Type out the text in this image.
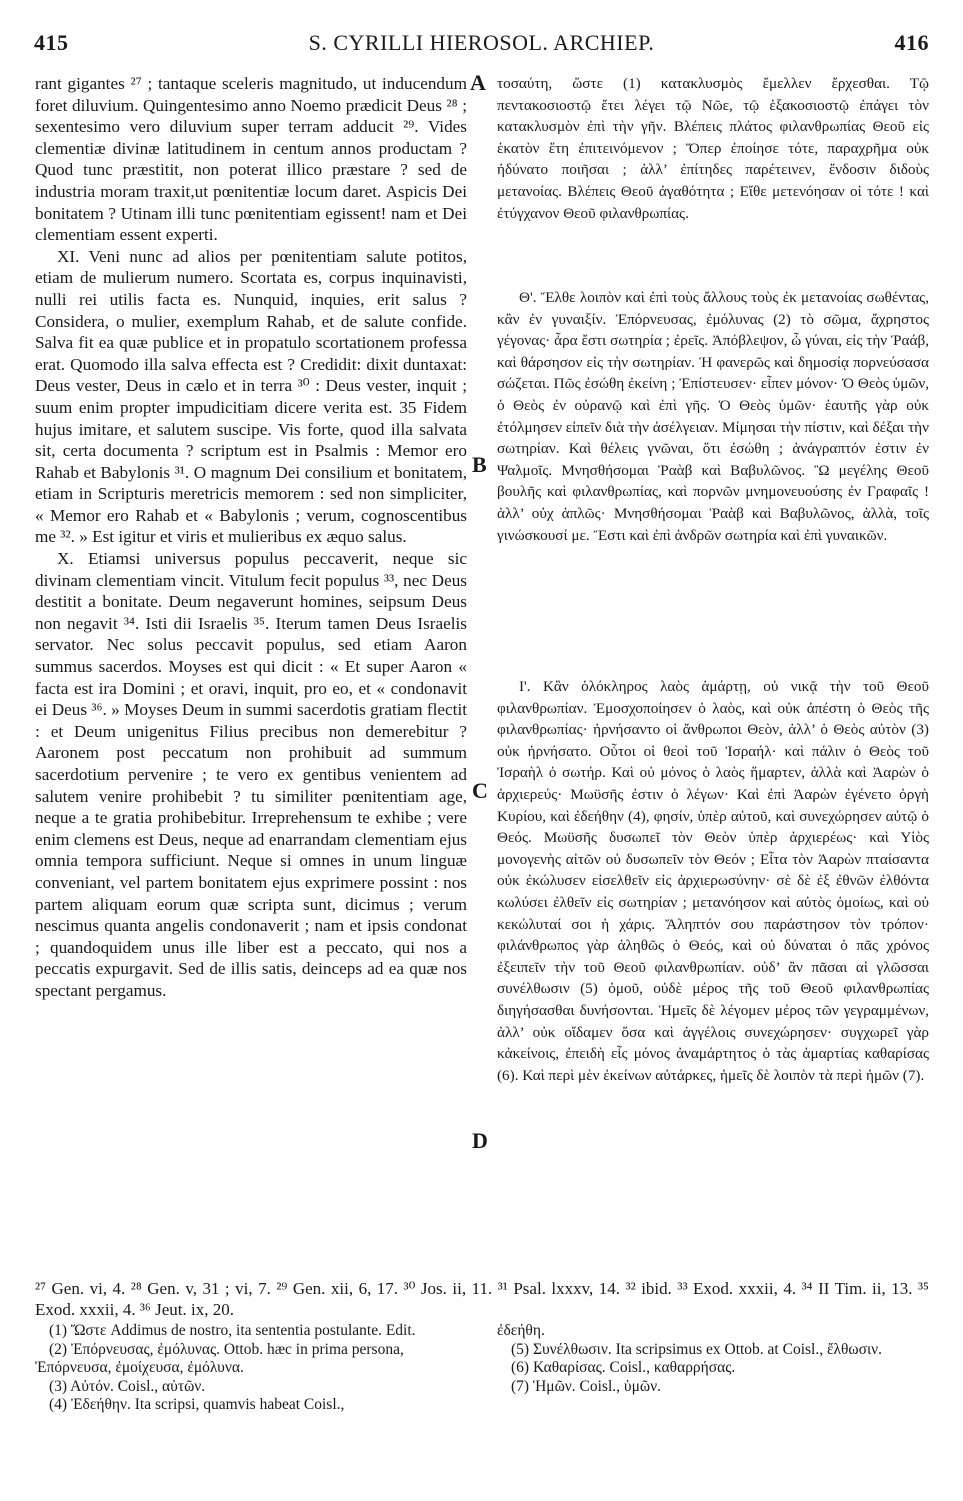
415	S. CYRILLI HIEROSOL. ARCHIEP.	416

rant gigantes ²⁷ ; tantaque sceleris magnitudo, ut inducendum foret diluvium. Quingentesimo anno Noemo prædicit Deus ²⁸ ; sexentesimo vero diluvium super terram adducit ²⁹. Vides clementiæ divinæ latitudinem in centum annos productam ?Quod tunc præstitit, non poterat illico præstare ? sed de industria moram traxit,ut pœnitentiæ locum daret. Aspicis Dei bonitatem ? Utinam illi tunc pœnitentiam egissent! nam et Dei clementiam essent experti.

XI. Veni nunc ad alios per pœnitentiam salute potitos, etiam de mulierum numero. Scortata es, corpus inquinavisti, nulli rei utilis facta es. Nunquid, inquies, erit salus ? Considera, o mulier, exemplum Rahab, et de salute confide. Salva fit ea quæ publice et in propatulo scortationem professa erat. Quomodo illa salva effecta est ? Credidit: dixit duntaxat: Deus vester, Deus in cælo et in terra ³⁰ : Deus vester, inquit ; suum enim propter impudicitiam dicere verita est. 35 Fidem hujus imitare, et salutem suscipe. Vis forte, quod illa salvata sit, certa documenta ? scriptum est in Psalmis : Memor ero Rahab et Babylonis ³¹. O magnum Dei consilium et bonitatem, etiam in Scripturis meretricis memorem : sed non simpliciter, « Memor ero Rahab et « Babylonis ; verum, cognoscentibus me ³². » Est igitur et viris et mulieribus ex æquo salus.

X. Etiamsi universus populus peccaverit, neque sic divinam clementiam vincit. Vitulum fecit populus ³³, nec Deus destitit a bonitate. Deum negaverunt homines, seipsum Deus non negavit ³⁴. Isti dii Israelis ³⁵. Iterum tamen Deus Israelis servator. Nec solus peccavit populus, sed etiam Aaron summus sacerdos. Moyses est qui dicit : « Et super Aaron « facta est ira Domini ; et oravi, inquit, pro eo, et « condonavit ei Deus ³⁶. » Moyses Deum in summi sacerdotis gratiam flectit : et Deum unigenitus Filius precibus non demerebitur ? Aaronem post peccatum non prohibuit ad summum sacerdotium pervenire ; te vero ex gentibus venientem ad salutem venire prohibebit ? tu similiter pœnitentiam age, neque a te gratia prohibebitur. Irreprehensum te exhibe ; vere enim clemens est Deus, neque ad enarrandam clementiam ejus omnia tempora sufficiunt. Neque si omnes in unum linguæ conveniant, vel partem bonitatem ejus exprimere possint : nos partem aliquam eorum quæ scripta sunt, dicimus ; verum nescimus quanta angelis condonaverit ; nam et ipsis condonat ; quandoquidem unus ille liber est a peccato, qui nos a peccatis expurgavit. Sed de illis satis, deinceps ad ea quæ nos spectant pergamus.

A
B
C
D

τοσαύτη, ὥστε (1) κατακλυσμὸς ἔμελλεν ἔρχεσθαι. Τῷ πεντακοσιοστῷ ἔτει λέγει τῷ Νῶε, τῷ ἑξακοσιοστῷ ἐπάγει τὸν κατακλυσμὸν ἐπὶ τὴν γῆν. Βλέπεις πλάτος φιλανθρωπίας Θεοῦ εἰς ἑκατὸν ἔτη ἐπιτεινόμενον ; Ὅπερ ἐποίησε τότε, παραχρῆμα οὐκ ἠδύνατο ποιῆσαι ; ἀλλ’ ἐπίτηδες παρέτεινεν, ἔνδοσιν διδοὺς μετανοίας. Βλέπεις Θεοῦ ἀγαθότητα ; Εἴθε μετενόησαν οἱ τότε ! καὶ ἐτύγχανον Θεοῦ φιλανθρωπίας.

Θ'. Ἔλθε λοιπὸν καὶ ἐπὶ τοὺς ἄλλους τοὺς ἐκ μετανοίας σωθέντας, κἂν ἐν γυναιξίν. Ἐπόρνευσας, ἐμόλυνας (2) τὸ σῶμα, ἄχρηστος γέγονας· ἆρα ἔστι σωτηρία ; ἐρεῖς. Ἀπόβλεψον, ὦ γύναι, εἰς τὴν Ῥαάβ, καὶ θάρσησον εἰς τὴν σωτηρίαν. Ἡ φανερῶς καὶ δημοσίᾳ πορνεύσασα σώζεται. Πῶς ἐσώθη ἐκείνη ; Ἐπίστευσεν· εἶπεν μόνον· Ὁ Θεὸς ὑμῶν, ὁ Θεὸς ἐν οὐρανῷ καὶ ἐπὶ γῆς. Ὁ Θεὸς ὑμῶν· ἑαυτῆς γὰρ οὐκ ἐτόλμησεν εἰπεῖν διὰ τὴν ἀσέλγειαν. Μίμησαι τὴν πίστιν, καὶ δέξαι τὴν σωτηρίαν. Καὶ θέλεις γνῶναι, ὅτι ἐσώθη ; ἀνάγραπτόν ἐστιν ἐν Ψαλμοῖς. Μνησθήσομαι Ῥαὰβ καὶ Βαβυλῶνος. Ὢ μεγέλης Θεοῦ βουλῆς καὶ φιλανθρωπίας, καὶ πορνῶν μνημονευούσης ἐν Γραφαῖς ! ἀλλ’ οὐχ ἁπλῶς· Μνησθήσομαι Ῥαὰβ καὶ Βαβυλῶνος, ἀλλὰ, τοῖς γινώσκουσί με. Ἔστι καὶ ἐπὶ ἀνδρῶν σωτηρία καὶ ἐπὶ γυναικῶν.

Ι'. Κἂν ὁλόκληρος λαὸς ἁμάρτῃ, οὐ νικᾷ τὴν τοῦ Θεοῦ φιλανθρωπίαν. Ἐμοσχοποίησεν ὁ λαὸς, καὶ οὐκ ἀπέστη ὁ Θεὸς τῆς φιλανθρωπίας· ἠρνήσαντο οἱ ἄνθρωποι Θεὸν, ἀλλ’ ὁ Θεὸς αὐτὸν (3) οὐκ ἠρνήσατο. Οὗτοι οἱ θεοὶ τοῦ Ἰσραήλ· καὶ πάλιν ὁ Θεὸς τοῦ Ἰσραὴλ ὁ σωτήρ. Καὶ οὐ μόνος ὁ λαὸς ἥμαρτεν, ἀλλὰ καὶ Ἀαρὼν ὁ ἀρχιερεύς· Μωϋσῆς ἐστιν ὁ λέγων· Καὶ ἐπὶ Ἀαρὼν ἐγένετο ὀργὴ Κυρίου, καὶ ἐδεήθην (4), φησίν, ὑπὲρ αὐτοῦ, καὶ συνεχώρησεν αὐτῷ ὁ Θεός. Μωϋσῆς δυσωπεῖ τὸν Θεὸν ὑπὲρ ἀρχιερέως· καὶ Υἱὸς μονογενὴς αἰτῶν οὐ δυσωπεῖν τὸν Θεόν ; Εἶτα τὸν Ἀαρὼν πταίσαντα οὐκ ἐκώλυσεν εἰσελθεῖν εἰς ἀρχιερωσύνην· σὲ δὲ ἐξ ἐθνῶν ἐλθόντα κωλύσει ἐλθεῖν εἰς σωτηρίαν ; μετανόησον καὶ αὐτὸς ὁμοίως, καὶ οὐ κεκώλυταί σοι ἡ χάρις. Ἄληπτόν σου παράστησον τὸν τρόπον· φιλάνθρωπος γὰρ ἀληθῶς ὁ Θεός, καὶ οὐ δύναται ὁ πᾶς χρόνος ἐξειπεῖν τὴν τοῦ Θεοῦ φιλανθρωπίαν. οὐδ’ ἂν πᾶσαι αἱ γλῶσσαι συνέλθωσιν (5) ὁμοῦ, οὐδὲ μέρος τῆς τοῦ Θεοῦ φιλανθρωπίας διηγήσασθαι δυνήσονται. Ἡμεῖς δὲ λέγομεν μέρος τῶν γεγραμμένων, ἀλλ’ οὐκ οἴδαμεν ὅσα καὶ ἀγγέλοις συνεχώρησεν· συγχωρεῖ γὰρ κἀκείνοις, ἐπειδὴ εἷς μόνος ἀναμάρτητος ὁ τὰς ἁμαρτίας καθαρίσας (6). Καὶ περὶ μὲν ἐκείνων αὐτάρκες, ἡμεῖς δὲ λοιπὸν τὰ περὶ ἡμῶν (7).

²⁷ Gen. vi, 4. ²⁸ Gen. v, 31 ; vi, 7. ²⁹ Gen. xii, 6, 17. ³⁰ Jos. ii, 11. ³¹ Psal. lxxxv, 14. ³² ibid. ³³ Exod. xxxii, 4. ³⁴ II Tim. ii, 13. ³⁵ Exod. xxxii, 4. ³⁶ Jeut. ix, 20.
(1) Ὥστε Addimus de nostro, ita sententia postulante. Edit.
(2) Ἐπόρνευσας, ἐμόλυνας. Ottob. hæc in prima persona, Ἐπόρνευσα, ἐμοίχευσα, ἐμόλυνα.
(3) Αὐτόν. Coisl., αὐτῶν.
(4) Ἐδεήθην. Ita scripsi, quamvis habeat Coisl.,
ἐδεήθη.
(5) Συνέλθωσιν. Ita scripsimus ex Ottob. at Coisl., ἔλθωσιν.
(6) Καθαρίσας. Coisl., καθαρρήσας.
(7) Ἡμῶν. Coisl., ὑμῶν.
